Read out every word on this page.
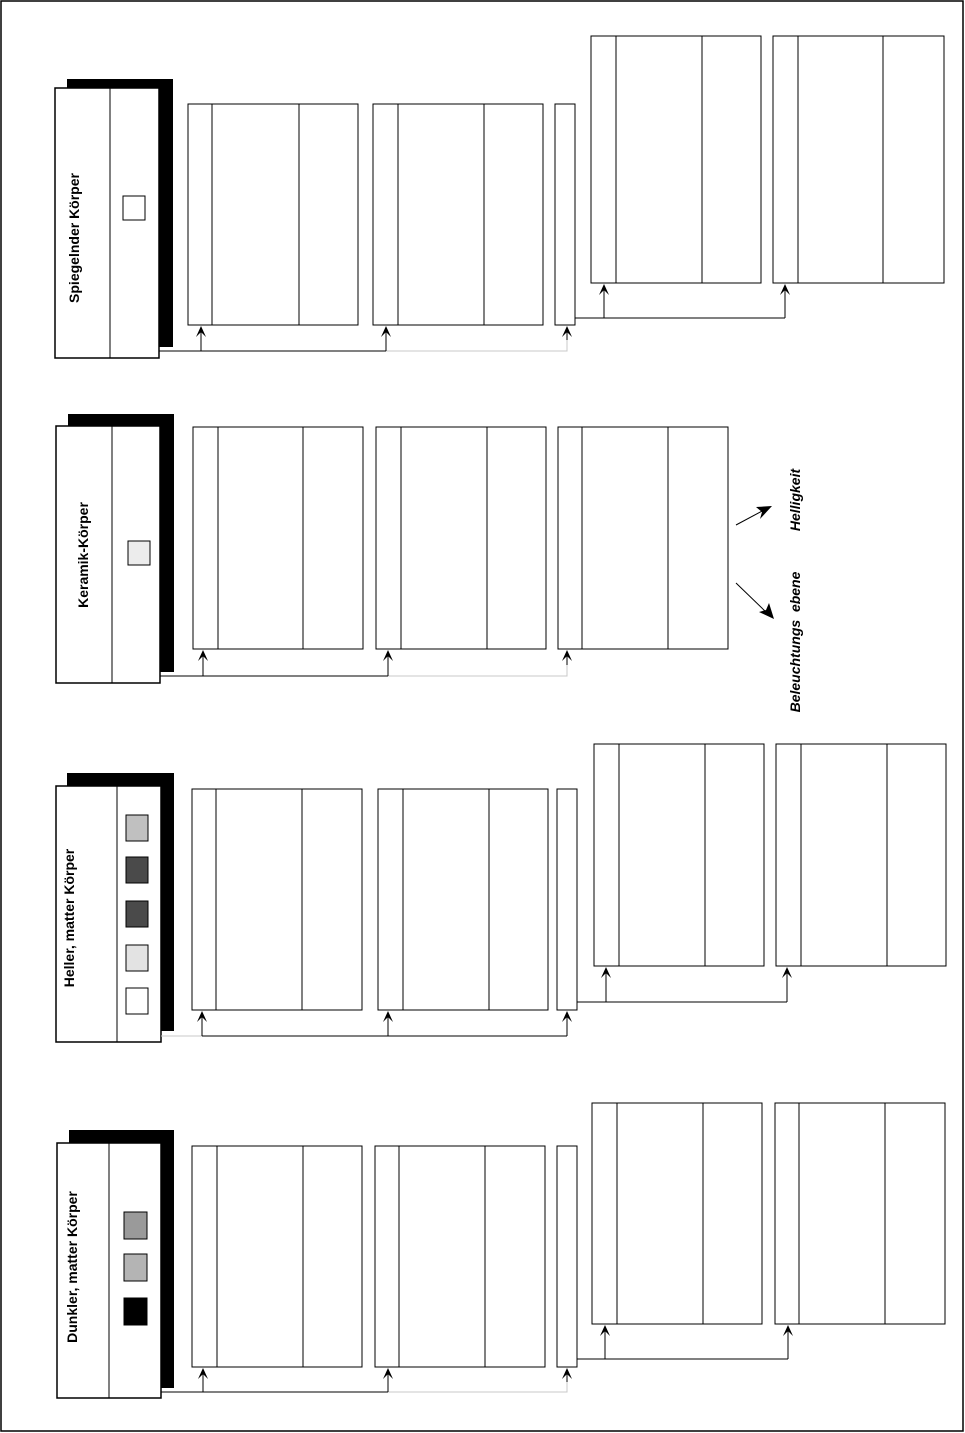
Spiegelnder Körper
Keramik-Körper
Helligkeit
Beleuchtungs  ebene
Heller, matter Körper
Dunkler, matter Körper
